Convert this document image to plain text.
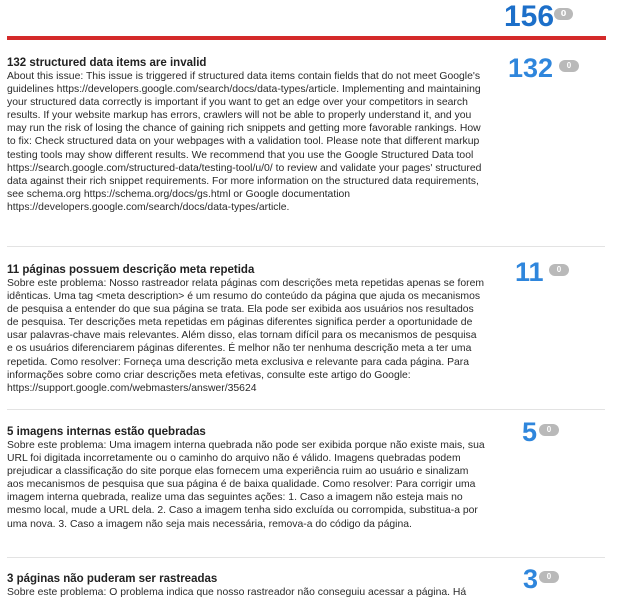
156 0

132 structured data items are invalid

About this issue: This issue is triggered if structured data items contain fields that do not meet Google's guidelines https://developers.google.com/search/docs/data-types/article. Implementing and maintaining your structured data correctly is important if you want to get an edge over your competitors in search results. If your website markup has errors, crawlers will not be able to properly understand it, and you may run the risk of losing the chance of gaining rich snippets and getting more favorable rankings. How to fix: Check structured data on your webpages with a validation tool. Please note that different markup testing tools may show different results. We recommend that you use the Google Structured Data tool https://search.google.com/structured-data/testing-tool/u/0/ to review and validate your pages' structured data against their rich snippet requirements. For more information on the structured data requirements, see schema.org https://schema.org/docs/gs.html or Google documentation https://developers.google.com/search/docs/data-types/article.

132	0

11 páginas possuem descrição meta repetida

Sobre este problema: Nosso rastreador relata páginas com descrições meta repetidas apenas se forem idênticas. Uma tag <meta description> é um resumo do conteúdo da página que ajuda os mecanismos de pesquisa a entender do que sua página se trata. Ela pode ser exibida aos usuários nos resultados de pesquisa. Ter descrições meta repetidas em páginas diferentes significa perder a oportunidade de usar palavras-chave mais relevantes. Além disso, elas tornam difícil para os mecanismos de pesquisa e os usuários diferenciarem páginas diferentes. É melhor não ter nenhuma descrição meta a ter uma repetida. Como resolver: Forneça uma descrição meta exclusiva e relevante para cada página. Para informações sobre como criar descrições meta efetivas, consulte este artigo do Google: https://support.google.com/webmasters/answer/35624

11	0

5 imagens internas estão quebradas

Sobre este problema: Uma imagem interna quebrada não pode ser exibida porque não existe mais, sua URL foi digitada incorretamente ou o caminho do arquivo não é válido. Imagens quebradas podem prejudicar a classificação do site porque elas fornecem uma experiência ruim ao usuário e sinalizam aos mecanismos de pesquisa que sua página é de baixa qualidade. Como resolver: Para corrigir uma imagem interna quebrada, realize uma das seguintes ações: 1. Caso a imagem não esteja mais no mesmo local, mude a URL dela. 2. Caso a imagem tenha sido excluída ou corrompida, substitua-a por uma nova. 3. Caso a imagem não seja mais necessária, remova-a do código da página.

5	0

3 páginas não puderam ser rastreadas

Sobre este problema: O problema indica que nosso rastreador não conseguiu acessar a página. Há	3	0
